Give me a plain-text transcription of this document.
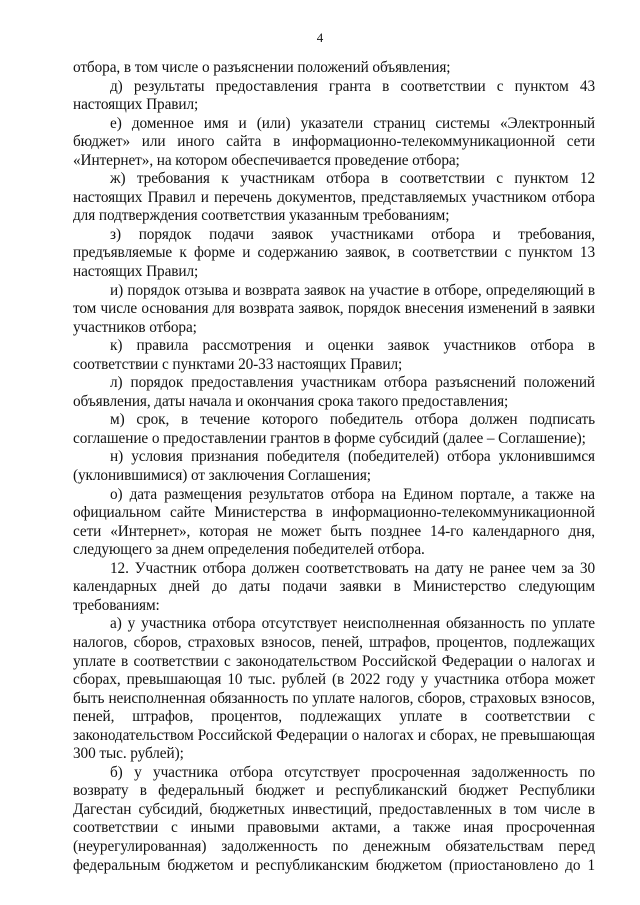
4

отбора, в том числе о разъяснении положений объявления;

д) результаты предоставления гранта в соответствии с пунктом 43 настоящих Правил;

е) доменное имя и (или) указатели страниц системы «Электронный бюджет» или иного сайта в информационно-телекоммуникационной сети «Интернет», на котором обеспечивается проведение отбора;

ж) требования к участникам отбора в соответствии с пунктом 12 настоящих Правил и перечень документов, представляемых участником отбора для подтверждения соответствия указанным требованиям;

з) порядок подачи заявок участниками отбора и требования, предъявляемые к форме и содержанию заявок, в соответствии с пунктом 13 настоящих Правил;

и) порядок отзыва и возврата заявок на участие в отборе, определяющий в том числе основания для возврата заявок, порядок внесения изменений в заявки участников отбора;

к) правила рассмотрения и оценки заявок участников отбора в соответствии с пунктами 20-33 настоящих Правил;

л) порядок предоставления участникам отбора разъяснений положений объявления, даты начала и окончания срока такого предоставления;

м) срок, в течение которого победитель отбора должен подписать соглашение о предоставлении грантов в форме субсидий (далее – Соглашение);

н) условия признания победителя (победителей) отбора уклонившимся (уклонившимися) от заключения Соглашения;

о) дата размещения результатов отбора на Едином портале, а также на официальном сайте Министерства в информационно-телекоммуникационной сети «Интернет», которая не может быть позднее 14-го календарного дня, следующего за днем определения победителей отбора.

12. Участник отбора должен соответствовать на дату не ранее чем за 30 календарных дней до даты подачи заявки в Министерство следующим требованиям:

а) у участника отбора отсутствует неисполненная обязанность по уплате налогов, сборов, страховых взносов, пеней, штрафов, процентов, подлежащих уплате в соответствии с законодательством Российской Федерации о налогах и сборах, превышающая 10 тыс. рублей (в 2022 году у участника отбора может быть неисполненная обязанность по уплате налогов, сборов, страховых взносов, пеней, штрафов, процентов, подлежащих уплате в соответствии с законодательством Российской Федерации о налогах и сборах, не превышающая 300 тыс. рублей);

б) у участника отбора отсутствует просроченная задолженность по возврату в федеральный бюджет и республиканский бюджет Республики Дагестан субсидий, бюджетных инвестиций, предоставленных в том числе в соответствии с иными правовыми актами, а также иная просроченная (неурегулированная) задолженность по денежным обязательствам перед федеральным бюджетом и республиканским бюджетом (приостановлено до 1
